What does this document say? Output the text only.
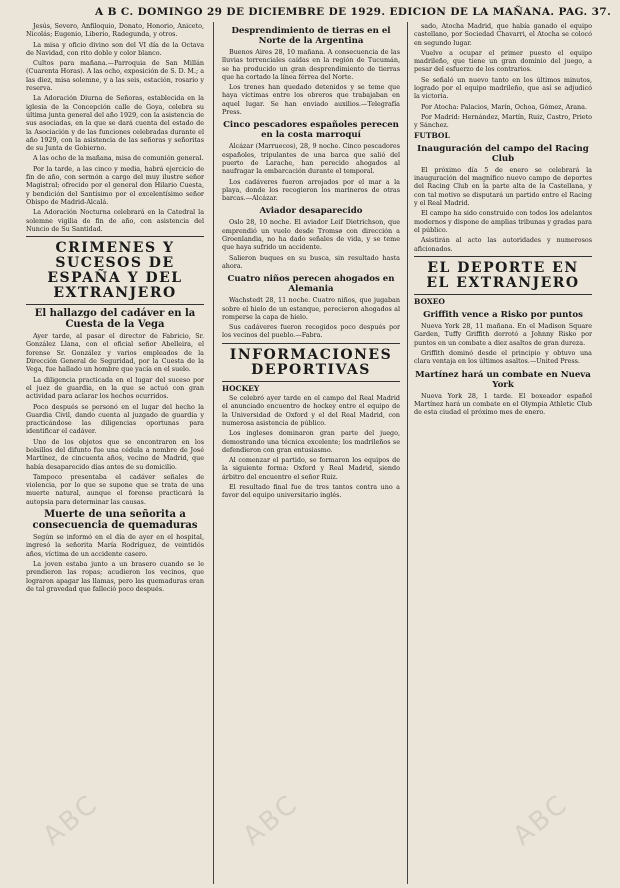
A B C. DOMINGO 29 DE DICIEMBRE DE 1929. EDICION DE LA MAÑANA. PAG. 37.

Jesús, Severo, Anfiloquio, Donato, Honorio, Aniceto, Nicolás; Eugenio, Liberio, Radegunda, y otros.

La misa y oficio divino son del VI día de la Octava de Navidad, con rito doble y color blanco.

Cultos para mañana.—Parroquia de San Millán (Cuarenta Horas). A las ocho, exposición de S. D. M.; a las diez, misa solemne, y a las seis, estación, rosario y reserva.

La Adoración Diurna de Señoras, establecida en la iglesia de la Concepción calle de Goya, celebra su última junta general del año 1929, con la asistencia de sus asociadas, en la que se dará cuenta del estado de la Asociación y de las funciones celebradas durante el año 1929, con la asistencia de las señoras y señoritas de su Junta de Gobierno.

A las ocho de la mañana, misa de comunión general.

Por la tarde, a las cinco y media, habrá ejercicio de fin de año, con sermón a cargo del muy ilustre señor Magistral; ofrecido por el general don Hilario Cuesta, y bendición del Santísimo por el excelentísimo señor Obispo de Madrid-Alcalá.

La Adoración Nocturna celebrará en la Catedral la solemne vigilia de fin de año, con asistencia del Nuncio de Su Santidad.

CRIMENES Y SUCESOS DE ESPAÑA Y DEL EXTRANJERO
El hallazgo del cadáver en la Cuesta de la Vega

Ayer tarde, al pasar el director de Fabricio, Sr. González Llana, con el oficial señor Abelleira, el forense Sr. González y varios empleados de la Dirección General de Seguridad, por la Cuesta de la Vega, fue hallado un hombre que yacía en el suelo.

La diligencia practicada en el lugar del suceso por el juez de guardia, en la que se actuó con gran actividad para aclarar los hechos ocurridos.

Poco después se personó en el lugar del hecho la Guardia Civil, dando cuenta al juzgado de guardia y practicándose las diligencias oportunas para identificar el cadáver.

Uno de los objetos que se encontraron en los bolsillos del difunto fue una cédula a nombre de José Martínez, de cincuenta años, vecino de Madrid, que había desaparecido días antes de su domicilio.

Tampoco presentaba el cadáver señales de violencia, por lo que se supone que se trata de una muerte natural, aunque el forense practicará la autopsia para determinar las causas.

Muerte de una señorita a consecuencia de quemaduras

Según se informó en el día de ayer en el hospital, ingresó la señorita María Rodríguez, de veintidós años, víctima de un accidente casero.

La joven estaba junto a un brasero cuando se le prendieron las ropas; acudieron los vecinos, que lograron apagar las llamas, pero las quemaduras eran de tal gravedad que falleció poco después.

Desprendimiento de tierras en el Norte de la Argentina

Buenos Aires 28, 10 mañana. A consecuencia de las lluvias torrenciales caídas en la región de Tucumán, se ha producido un gran desprendimiento de tierras que ha cortado la línea férrea del Norte.

Los trenes han quedado detenidos y se teme que haya víctimas entre los obreros que trabajaban en aquel lugar. Se han enviado auxilios.—Telegrafía Press.

Cinco pescadores españoles perecen en la costa marroquí

Alcázar (Marruecos), 28, 9 noche. Cinco pescadores españoles, tripulantes de una barca que salió del puerto de Larache, han perecido ahogados al naufragar la embarcación durante el temporal.

Los cadáveres fueron arrojados por el mar a la playa, donde los recogieron los marineros de otras barcas.—Alcázar.

Aviador desaparecido

Oslo 28, 10 noche. El aviador Leif Dietrichson, que emprendió un vuelo desde Tromsø con dirección a Groenlandia, no ha dado señales de vida, y se teme que haya sufrido un accidente.

Salieron buques en su busca, sin resultado hasta ahora.

Cuatro niños perecen ahogados en Alemania

Wachstedt 28, 11 noche. Cuatro niños, que jugaban sobre el hielo de un estanque, perecieron ahogados al romperse la capa de hielo.

Sus cadáveres fueron recogidos poco después por los vecinos del pueblo.—Fabra.

INFORMACIONES DEPORTIVAS
HOCKEY

Se celebró ayer tarde en el campo del Real Madrid el anunciado encuentro de hockey entre el equipo de la Universidad de Oxford y el del Real Madrid, con numerosa asistencia de público.

Los ingleses dominaron gran parte del juego, demostrando una técnica excelente; los madrileños se defendieron con gran entusiasmo.

Al comenzar el partido, se formaron los equipos de la siguiente forma: Oxford y Real Madrid, siendo árbitro del encuentro el señor Ruiz.

El resultado final fue de tres tantos contra uno a favor del equipo universitario inglés.

sado, Atocha Madrid, que había ganado el equipo castellano, por Sociedad Chavarri, el Atocha se colocó en segundo lugar.

Vuelve a ocupar el primer puesto el equipo madrileño, que tiene un gran dominio del juego, a pesar del esfuerzo de los contrarios.

Se señaló un nuevo tanto en los últimos minutos, logrado por el equipo madrileño, que así se adjudicó la victoria.

Por Atocha: Palacios, Marín, Ochoa, Gómez, Arana.

Por Madrid: Hernández, Martín, Ruiz, Castro, Prieto y Sánchez.

FUTBOL
Inauguración del campo del Racing Club

El próximo día 5 de enero se celebrará la inauguración del magnífico nuevo campo de deportes del Racing Club en la parte alta de la Castellana, y con tal motivo se disputará un partido entre el Racing y el Real Madrid.

El campo ha sido construido con todos los adelantos modernos y dispone de amplias tribunas y gradas para el público.

Asistirán al acto las autoridades y numerosos aficionados.

EL DEPORTE EN EL EXTRANJERO
BOXEO
Griffith vence a Risko por puntos

Nueva York 28, 11 mañana. En el Madison Square Garden, Tuffy Griffith derrotó a Johnny Risko por puntos en un combate a diez asaltos de gran dureza.

Griffith dominó desde el principio y obtuvo una clara ventaja en los últimos asaltos.—United Press.

Martínez hará un combate en Nueva York

Nueva York 28, 1 tarde. El boxeador español Martínez hará un combate en el Olympia Athletic Club de esta ciudad el próximo mes de enero.

ABC	ABC	ABC
